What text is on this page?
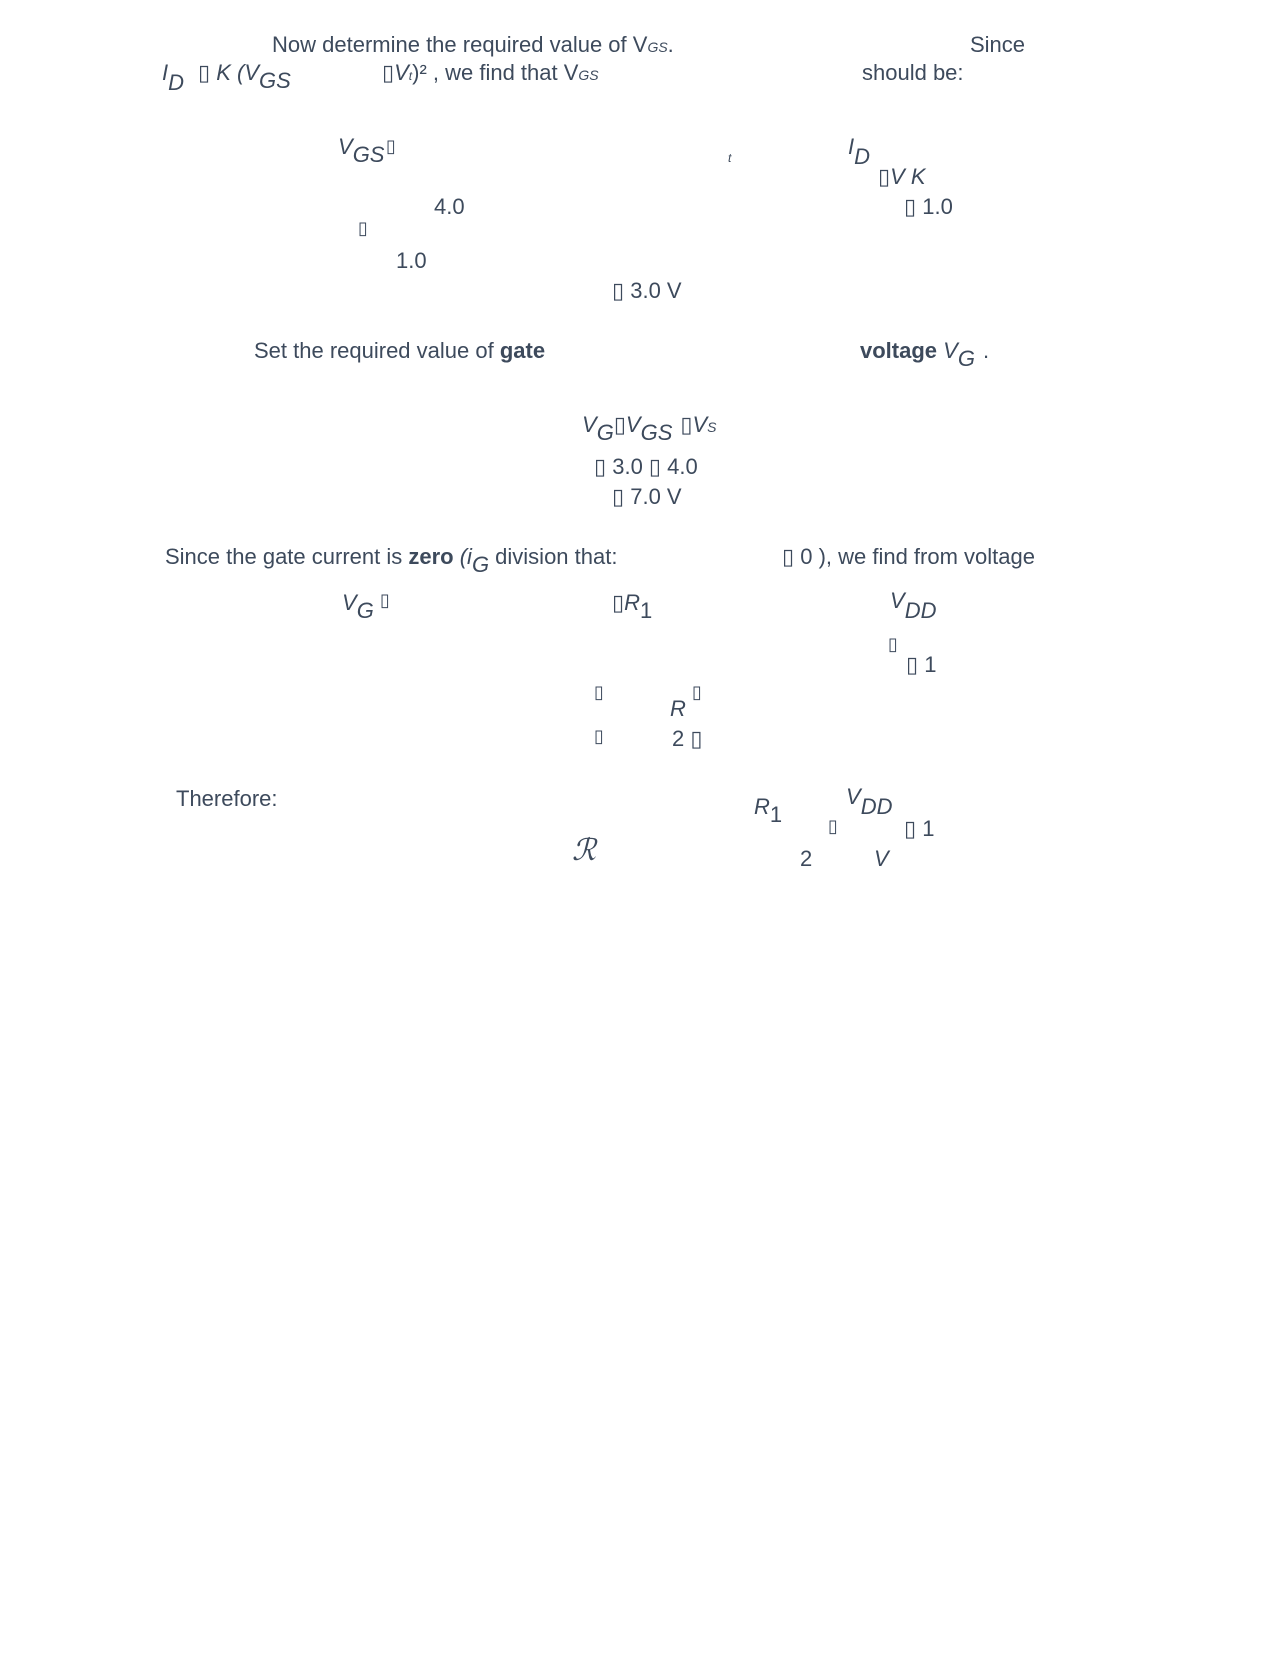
Now determine the required value of VGS.	Since
ID ▯ K (VGS	▯Vt)² , we find that VGS	should be:
VGS ▯
t	ID
▯V K
4.0	▯ 1.0
▯
1.0
▯ 3.0 V
Set the required value of gate	voltage VG .
VG▯VGS ▯VS
▯ 3.0 ▯ 4.0
▯ 7.0 V
Since the gate current is zero (iG division that:	▯ 0 ), we find from voltage
VG ▯	▯R1	VDD
▯
▯ 1
▯	▯
R
▯	2 ▯
Therefore:	R1
VDD
▯	▯ 1
ℛ	2	V
